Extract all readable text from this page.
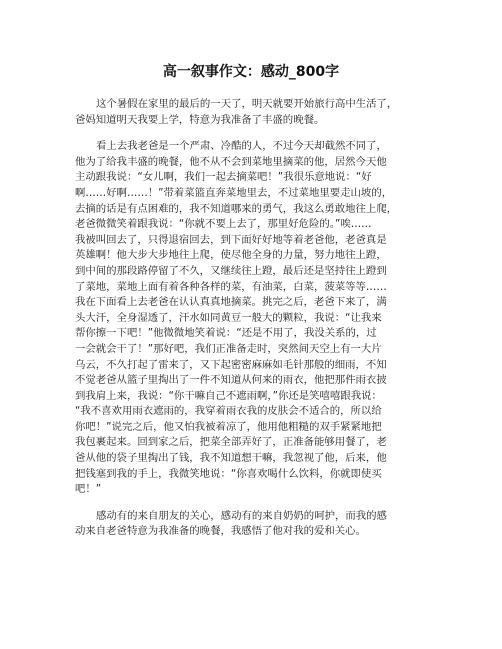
高一叙事作文：感动_800字

这个暑假在家里的最后的一天了，明天就要开始旅行高中生活了，
爸妈知道明天我要上学，特意为我准备了丰盛的晚餐。

看上去我老爸是一个严肃、冷酷的人，不过今天却截然不同了，
他为了给我丰盛的晚餐，他不从不会到菜地里摘菜的他，居然今天他
主动跟我说：“女儿啊，我们一起去摘菜吧！”我很乐意地说：“好
啊……好啊……！”带着菜篮直奔菜地里去，不过菜地里要走山坡的，
去摘的话是有点困难的，我不知道哪来的勇气，我这么勇敢地往上爬，
老爸微微笑着跟我说：“你就不要上去了，那里好危险的。”唉……
我被叫回去了，只得退宿回去，到下面好好地等着老爸他，老爸真是
英雄啊！他大步大步地往上爬，使尽他全身的力量，努力地往上蹬，
到中间的那段路停留了不久，又继续往上蹬，最后还是坚持往上蹬到
了菜地，菜地上面有着各种各样的菜，有油菜，白菜，菠菜等等……
我在下面看上去老爸在认认真真地摘菜。挑完之后，老爸下来了，满
头大汗，全身湿透了，汗水如同黄豆一般大的颗粒，我说：“让我来
帮你擦一下吧！”他微微地笑着说：“还是不用了，我没关系的，过
一会就会干了！”那好吧，我们正准备走时，突然间天空上有一大片
乌云，不久打起了雷来了，又下起密密麻麻如毛针那般的细雨，不知
不觉老爸从篮子里掏出了一件不知道从何来的雨衣，他把那件雨衣披
到我肩上来，我说：“你干嘛自己不遮雨啊，”你还是笑嘻嘻跟我说：
“我不喜欢用雨衣遮雨的，我穿着雨衣我的皮肤会不适合的，所以给
你吧！”说完之后，他又怕我被着凉了，他用他粗糙的双手紧紧地把
我包裹起来。回到家之后，把菜全部弄好了，正准备能够用餐了，老
爸从他的袋子里掏出了钱，我不知道想干嘛，我忽视了他，后来，他
把钱塞到我的手上，我微笑地说：“你喜欢喝什么饮料，你就即使买
吧！”

感动有的来自朋友的关心，感动有的来自奶奶的呵护，而我的感
动来自老爸特意为我准备的晚餐，我感悟了他对我的爱和关心。
